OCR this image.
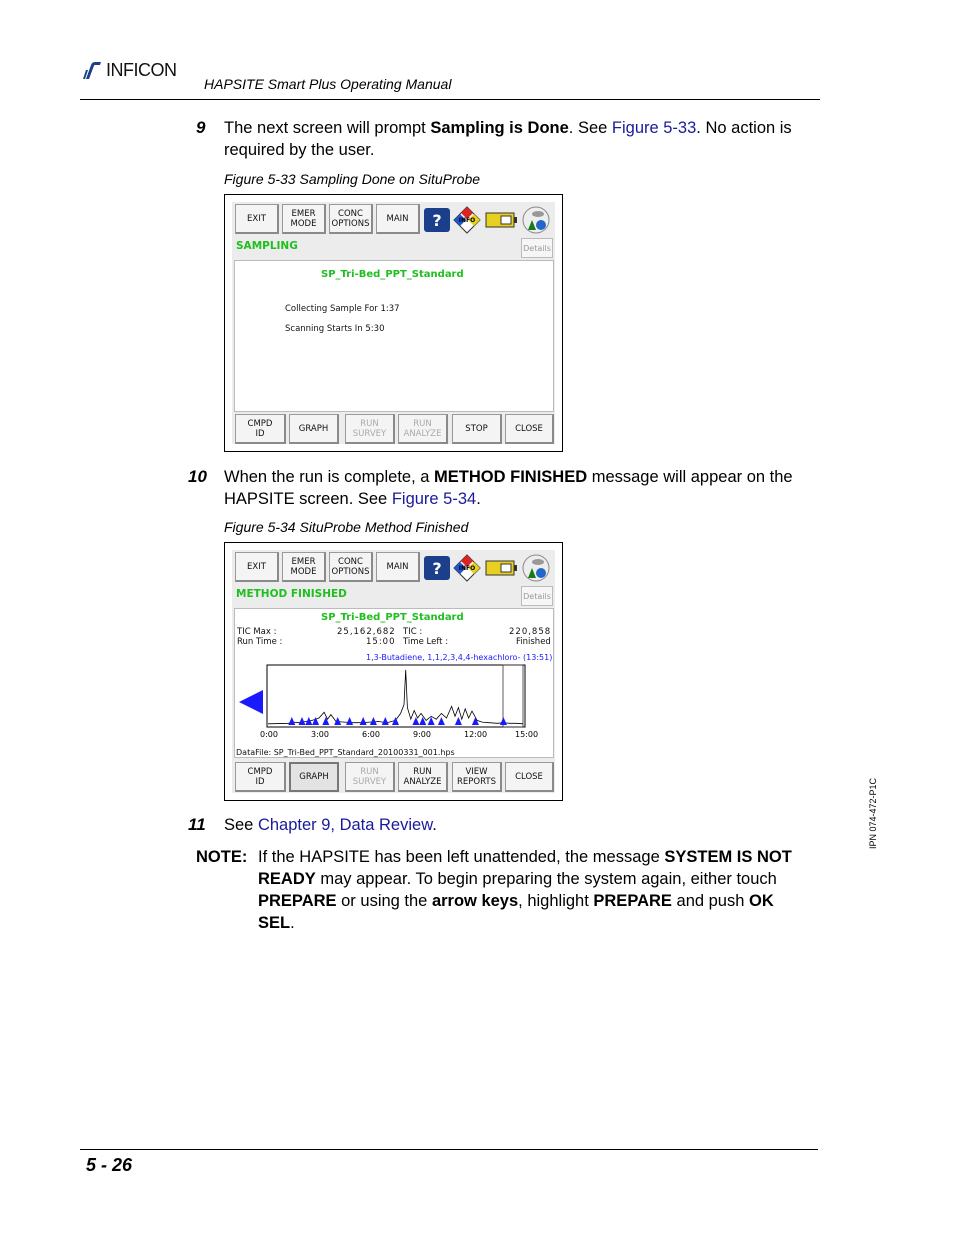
INFICON
HAPSITE Smart Plus Operating Manual
9 The next screen will prompt Sampling is Done. See Figure 5-33. No action is
required by the user.
Figure 5-33 Sampling Done on SituProbe
EXIT	EMER
MODE
CONC
OPTIONS	MAIN	?	INFO
SAMPLING	Details
SP_Tri-Bed_PPT_Standard
Collecting Sample For 1:37
Scanning Starts In 5:30
CMPD
ID	GRAPH	RUN
SURVEY
RUN
ANALYZE	STOP	CLOSE
10 When the run is complete, a METHOD FINISHED message will appear on the
HAPSITE screen. See Figure 5-34.
Figure 5-34 SituProbe Method Finished
EXIT	EMER
MODE
CONC
OPTIONS	MAIN	?	INFO
METHOD FINISHED	Details
SP_Tri-Bed_PPT_Standard
TIC Max :	25,162,682 TIC :	220,858
Run Time :	15:00 Time Left :	Finished
1,3-Butadiene, 1,1,2,3,4,4-hexachloro- (13:51)
0:00	3:00	6:00	9:00	12:00	15:00
DataFile: SP_Tri-Bed_PPT_Standard_20100331_001.hps
CMPD
ID	GRAPH
RUN
SURVEY
RUN
ANALYZE
VIEW
REPORTS	CLOSE
11 See Chapter 9, Data Review.
NOTE: If the HAPSITE has been left unattended, the message SYSTEM IS NOT
READY may appear. To begin preparing the system again, either touch
PREPARE or using the arrow keys, highlight PREPARE and push OK
SEL.
IPN 074-472-P1C
5 - 26
